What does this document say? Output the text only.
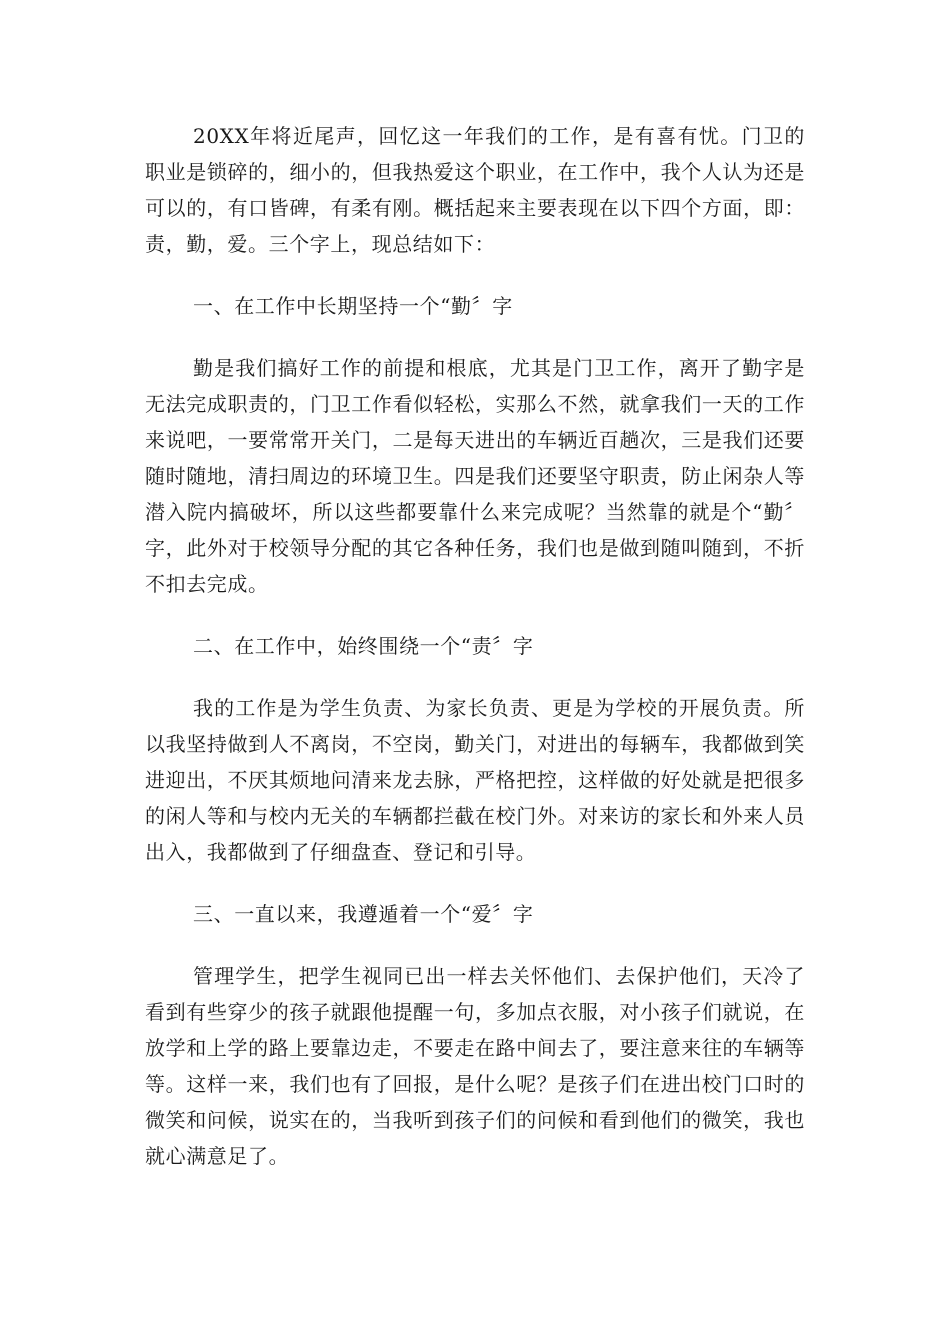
20XX年将近尾声，回忆这一年我们的工作，是有喜有忧。门卫的职业是锁碎的，细小的，但我热爱这个职业，在工作中，我个人认为还是可以的，有口皆碑，有柔有刚。概括起来主要表现在以下四个方面，即：责，勤，爱。三个字上，现总结如下：

一、在工作中长期坚持一个“勤〞字

勤是我们搞好工作的前提和根底，尤其是门卫工作，离开了勤字是无法完成职责的，门卫工作看似轻松，实那么不然，就拿我们一天的工作来说吧，一要常常开关门，二是每天进出的车辆近百趟次，三是我们还要随时随地，清扫周边的环境卫生。四是我们还要坚守职责，防止闲杂人等潜入院内搞破坏，所以这些都要靠什么来完成呢？当然靠的就是个“勤〞字，此外对于校领导分配的其它各种任务，我们也是做到随叫随到，不折不扣去完成。

二、在工作中，始终围绕一个“责〞字

我的工作是为学生负责、为家长负责、更是为学校的开展负责。所以我坚持做到人不离岗，不空岗，勤关门，对进出的每辆车，我都做到笑进迎出，不厌其烦地问清来龙去脉，严格把控，这样做的好处就是把很多的闲人等和与校内无关的车辆都拦截在校门外。对来访的家长和外来人员出入，我都做到了仔细盘查、登记和引导。

三、一直以来，我遵遁着一个“爱〞字

管理学生，把学生视同已出一样去关怀他们、去保护他们，天冷了看到有些穿少的孩子就跟他提醒一句，多加点衣服，对小孩子们就说，在放学和上学的路上要靠边走，不要走在路中间去了，要注意来往的车辆等等。这样一来，我们也有了回报，是什么呢？是孩子们在进出校门口时的微笑和问候，说实在的，当我听到孩子们的问候和看到他们的微笑，我也就心满意足了。
